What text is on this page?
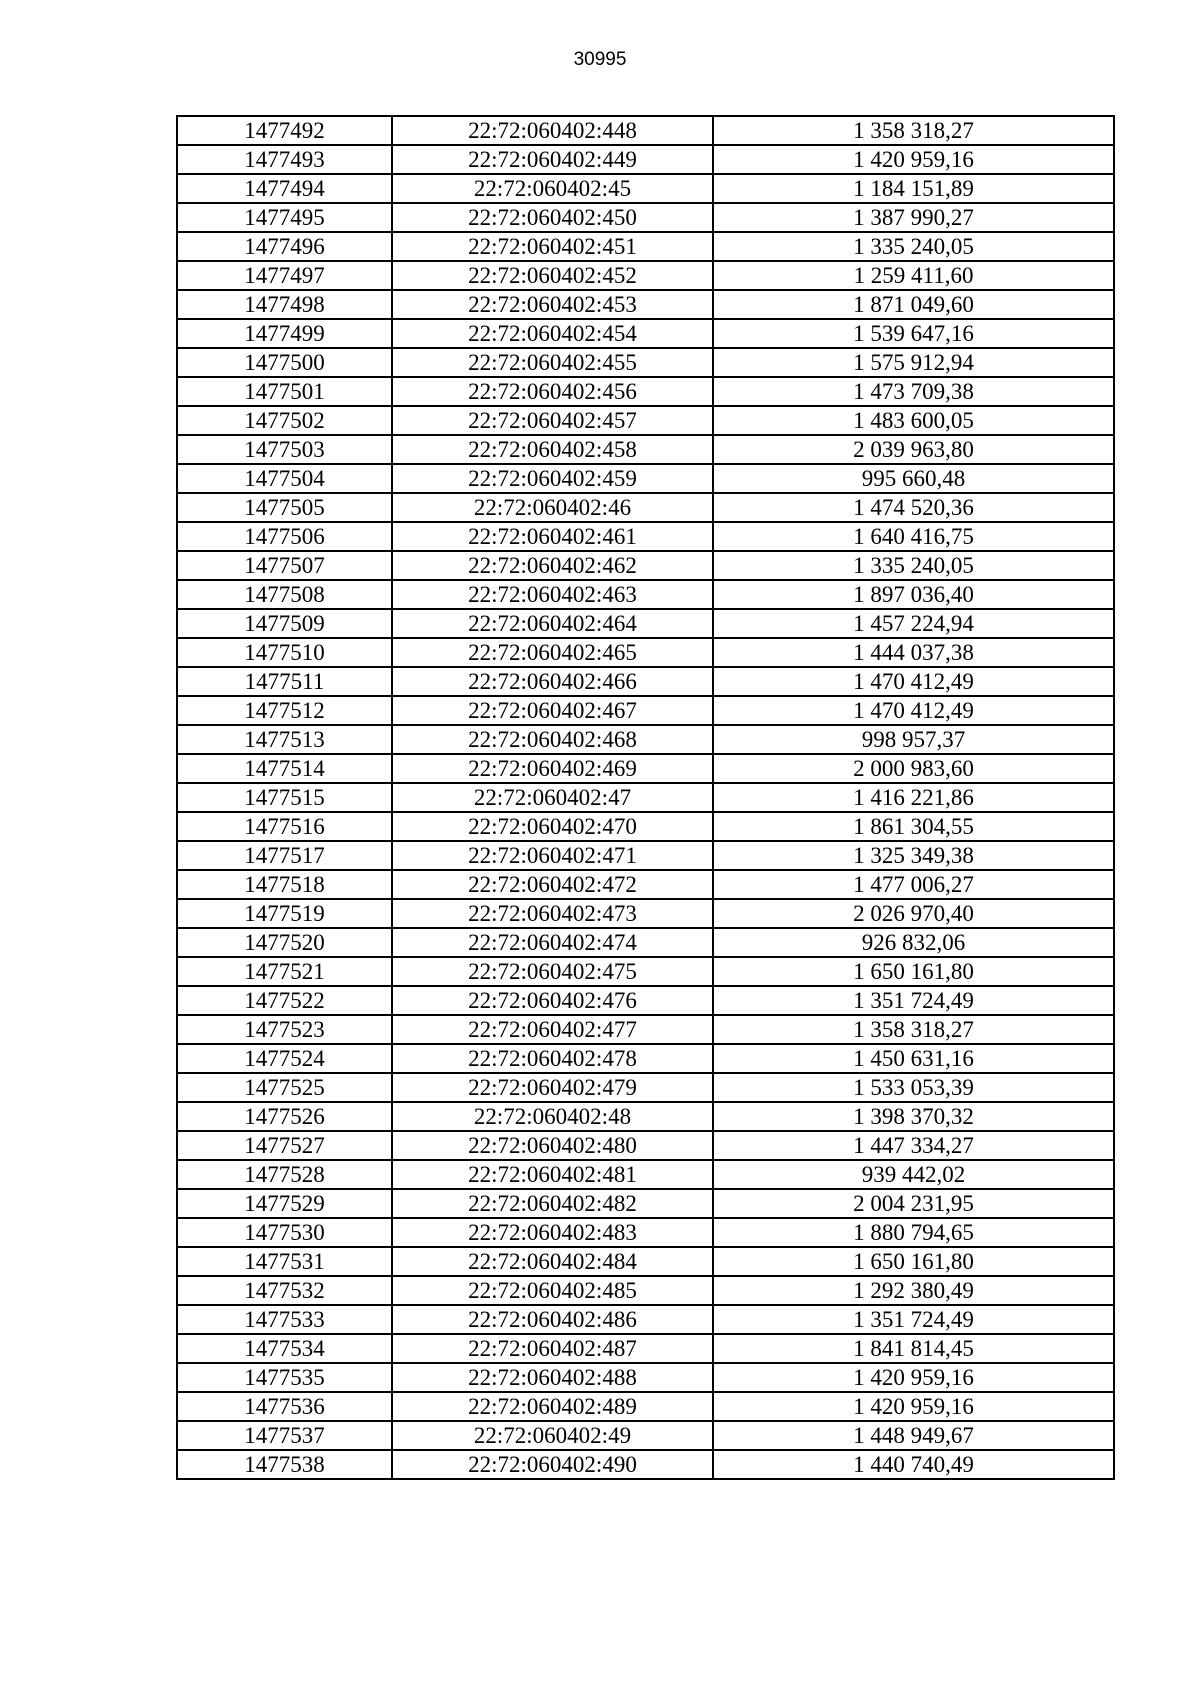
30995
1477492	22:72:060402:448	1 358 318,27
1477493	22:72:060402:449	1 420 959,16
1477494	22:72:060402:45	1 184 151,89
1477495	22:72:060402:450	1 387 990,27
1477496	22:72:060402:451	1 335 240,05
1477497	22:72:060402:452	1 259 411,60
1477498	22:72:060402:453	1 871 049,60
1477499	22:72:060402:454	1 539 647,16
1477500	22:72:060402:455	1 575 912,94
1477501	22:72:060402:456	1 473 709,38
1477502	22:72:060402:457	1 483 600,05
1477503	22:72:060402:458	2 039 963,80
1477504	22:72:060402:459	995 660,48
1477505	22:72:060402:46	1 474 520,36
1477506	22:72:060402:461	1 640 416,75
1477507	22:72:060402:462	1 335 240,05
1477508	22:72:060402:463	1 897 036,40
1477509	22:72:060402:464	1 457 224,94
1477510	22:72:060402:465	1 444 037,38
1477511	22:72:060402:466	1 470 412,49
1477512	22:72:060402:467	1 470 412,49
1477513	22:72:060402:468	998 957,37
1477514	22:72:060402:469	2 000 983,60
1477515	22:72:060402:47	1 416 221,86
1477516	22:72:060402:470	1 861 304,55
1477517	22:72:060402:471	1 325 349,38
1477518	22:72:060402:472	1 477 006,27
1477519	22:72:060402:473	2 026 970,40
1477520	22:72:060402:474	926 832,06
1477521	22:72:060402:475	1 650 161,80
1477522	22:72:060402:476	1 351 724,49
1477523	22:72:060402:477	1 358 318,27
1477524	22:72:060402:478	1 450 631,16
1477525	22:72:060402:479	1 533 053,39
1477526	22:72:060402:48	1 398 370,32
1477527	22:72:060402:480	1 447 334,27
1477528	22:72:060402:481	939 442,02
1477529	22:72:060402:482	2 004 231,95
1477530	22:72:060402:483	1 880 794,65
1477531	22:72:060402:484	1 650 161,80
1477532	22:72:060402:485	1 292 380,49
1477533	22:72:060402:486	1 351 724,49
1477534	22:72:060402:487	1 841 814,45
1477535	22:72:060402:488	1 420 959,16
1477536	22:72:060402:489	1 420 959,16
1477537	22:72:060402:49	1 448 949,67
1477538	22:72:060402:490	1 440 740,49
